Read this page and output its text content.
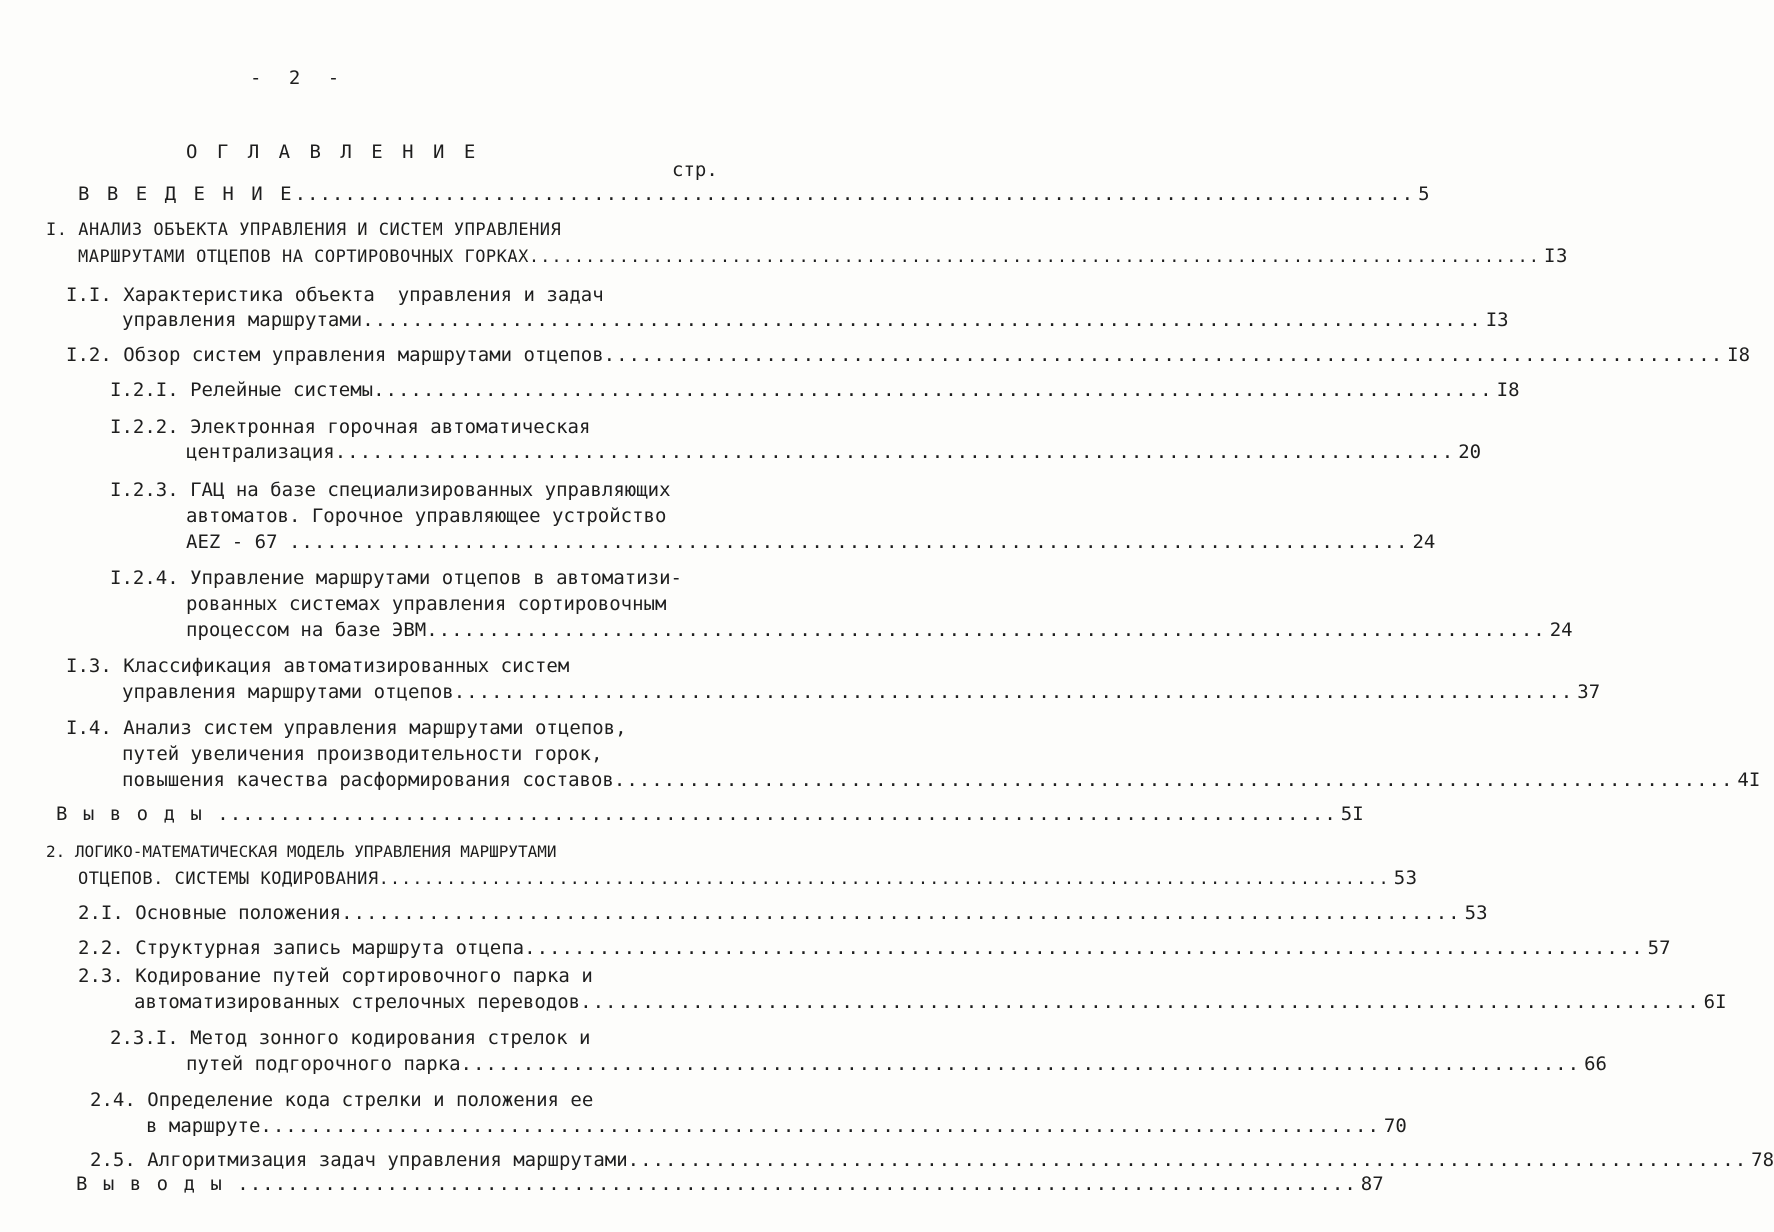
- 2 -
О Г Л А В Л Е Н И Е
стр.
В В Е Д Е Н И Е .......................................................................................... 5
I. АНАЛИЗ ОБЪЕКТА УПРАВЛЕНИЯ И СИСТЕМ УПРАВЛЕНИЯ
МАРШРУТАМИ ОТЦЕПОВ НА СОРТИРОВОЧНЫХ ГОРКАХ .......................................................................................... I3
I.I. Характеристика объекта  управления и задач
управления маршрутами .......................................................................................... I3
I.2. Обзор систем управления маршрутами отцепов .......................................................................................... I8
I.2.I. Релейные системы .......................................................................................... I8
I.2.2. Электронная горочная автоматическая
централизация .......................................................................................... 20
I.2.3. ГАЦ на базе специализированных управляющих
автоматов. Горочное управляющее устройство
АЕZ - 67 .......................................................................................... 24
I.2.4. Управление маршрутами отцепов в автоматизи-
рованных системах управления сортировочным
процессом на базе ЭВМ .......................................................................................... 24
I.3. Классификация автоматизированных систем
управления маршрутами отцепов .......................................................................................... 37
I.4. Анализ систем управления маршрутами отцепов,
путей увеличения производительности горок,
повышения качества расформирования составов .......................................................................................... 4I
В ы в о д ы .......................................................................................... 5I
2. ЛОГИКО-МАТЕМАТИЧЕСКАЯ МОДЕЛЬ УПРАВЛЕНИЯ МАРШРУТАМИ
ОТЦЕПОВ. СИСТЕМЫ КОДИРОВАНИЯ .......................................................................................... 53
2.I. Основные положения .......................................................................................... 53
2.2. Структурная запись маршрута отцепа .......................................................................................... 57
2.3. Кодирование путей сортировочного парка и
автоматизированных стрелочных переводов .......................................................................................... 6I
2.3.I. Метод зонного кодирования стрелок и
путей подгорочного парка .......................................................................................... 66
2.4. Определение кода стрелки и положения ее
в маршруте .......................................................................................... 70
2.5. Алгоритмизация задач управления маршрутами .......................................................................................... 78
В ы в о д ы .......................................................................................... 87
